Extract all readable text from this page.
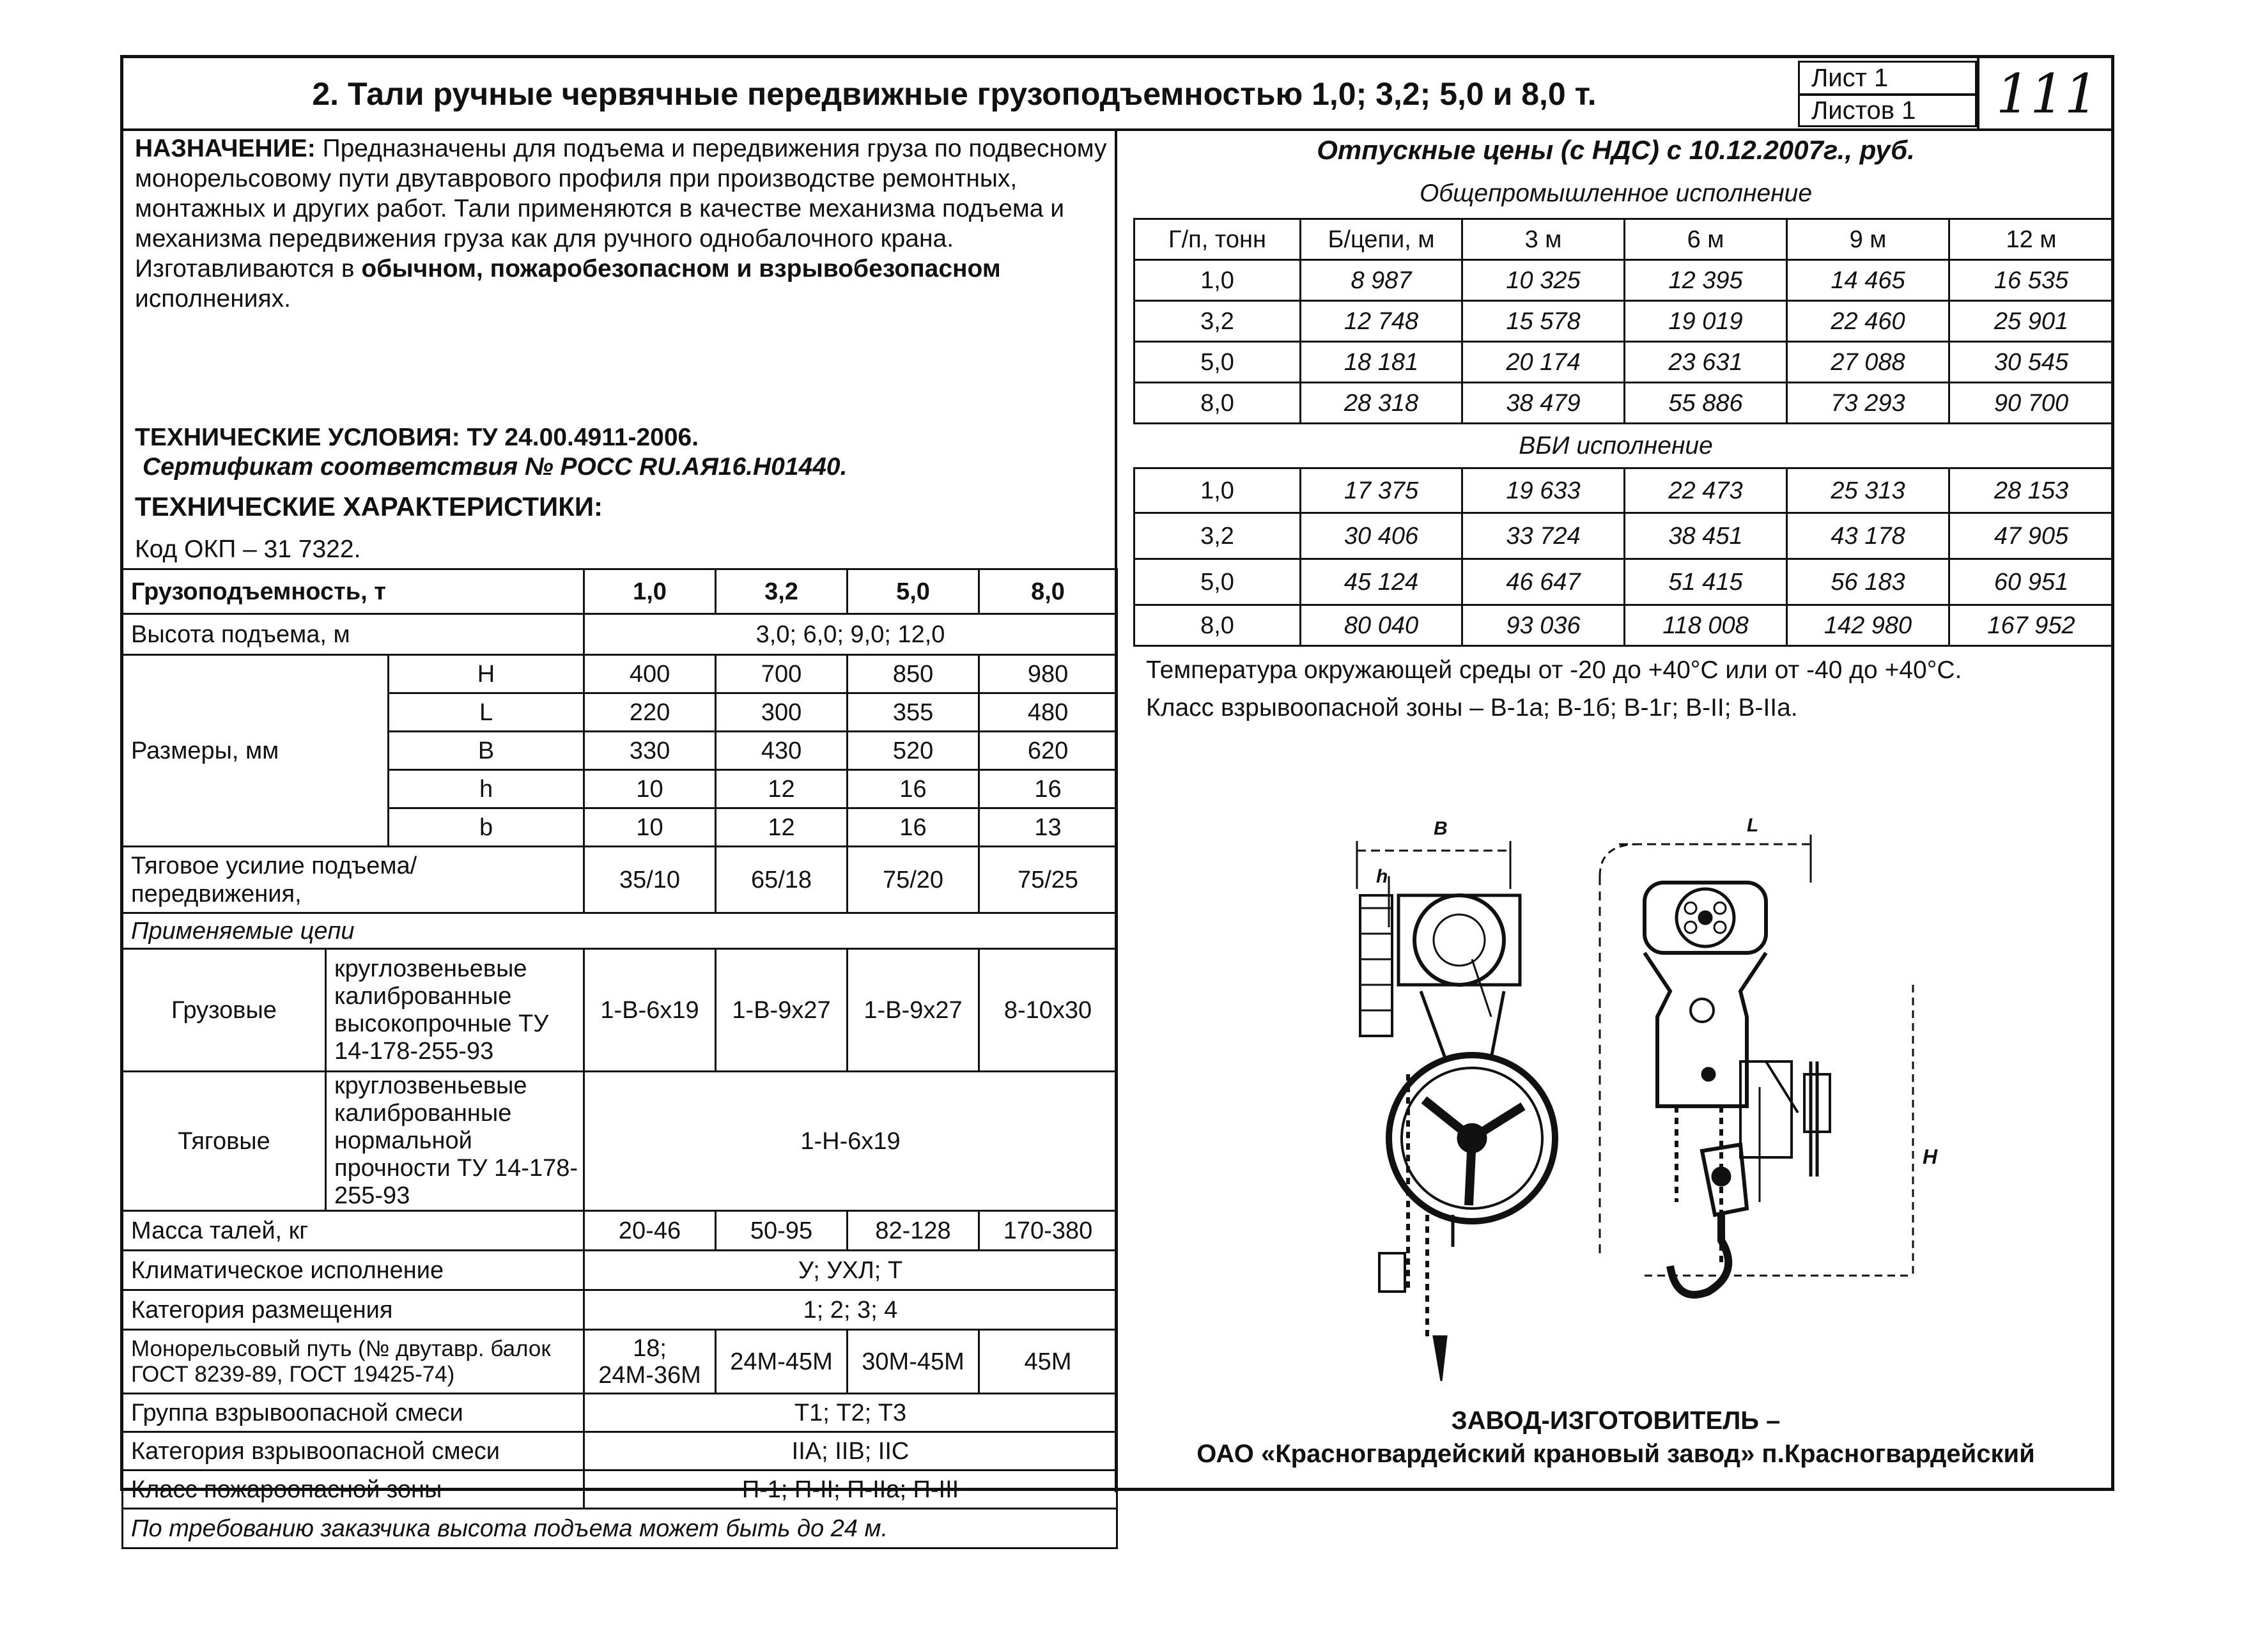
2. Тали ручные червячные передвижные грузоподъемностью 1,0; 3,2; 5,0 и 8,0 т.	Лист 1
Листов 1	111
НАЗНАЧЕНИЕ: Предназначены для подъема и передвижения груза по подвесному монорельсовому пути двутаврового профиля при производстве ремонтных, монтажных и других работ. Тали применяются в качестве механизма подъема и механизма передвижения груза как для ручного однобалочного крана.
Изготавливаются в обычном, пожаробезопасном и взрывобезопасном исполнениях.
ТЕХНИЧЕСКИЕ УСЛОВИЯ: ТУ 24.00.4911-2006.
Сертификат соответствия № РОСС RU.АЯ16.Н01440.
ТЕХНИЧЕСКИЕ ХАРАКТЕРИСТИКИ:
Код ОКП – 31 7322.
Грузоподъемность, т			1,0	3,2	5,0	8,0
Высота подъема, м			3,0; 6,0; 9,0; 12,0			
Размеры, мм		H	400	700	850	980
		L	220	300	355	480
		B	330	430	520	620
		h	10	12	16	16
		b	10	12	16	13
Тяговое усилие подъема/передвижения,			35/10	65/18	75/20	75/25
Применяемые цепи						
Грузовые	круглозвеньевые калиброванные высокопрочные ТУ 14-178-255-93		1-В-6х19	1-В-9х27	1-В-9х27	8-10х30
Тяговые	круглозвеньевые калиброванные нормальной прочности ТУ 14-178-255-93		1-Н-6х19			
Масса талей, кг			20-46	50-95	82-128	170-380
Климатическое исполнение			У; УХЛ; Т			
Категория размещения			1; 2; 3; 4			
Монорельсовый путь (№ двутавр. балок ГОСТ 8239-89, ГОСТ 19425-74)			18; 24М-36М	24М-45М	30М-45М	45М
Группа взрывоопасной смеси			Т1; Т2; Т3			
Категория взрывоопасной смеси			IIA; IIB; IIC			
Класс пожароопасной зоны			П-1; П-II; П-IIа; П-III			
По требованию заказчика высота подъема может быть до 24 м.						
Отпускные цены (с НДС) с 10.12.2007г., руб.
Общепромышленное исполнение
Г/п, тонн	Б/цепи, м	3 м	6 м	9 м	12 м
1,0	8 987	10 325	12 395	14 465	16 535
3,2	12 748	15 578	19 019	22 460	25 901
5,0	18 181	20 174	23 631	27 088	30 545
8,0	28 318	38 479	55 886	73 293	90 700
ВБИ исполнение
1,0	17 375	19 633	22 473	25 313	28 153
3,2	30 406	33 724	38 451	43 178	47 905
5,0	45 124	46 647	51 415	56 183	60 951
8,0	80 040	93 036	118 008	142 980	167 952
Температура окружающей среды от -20 до +40°С или от -40 до +40°С.
Класс взрывоопасной зоны – В-1а; В-1б; В-1г; В-II; В-IIа.
B
h
L
H
ЗАВОД-ИЗГОТОВИТЕЛЬ –
ОАО «Красногвардейский крановый завод» п.Красногвардейский
